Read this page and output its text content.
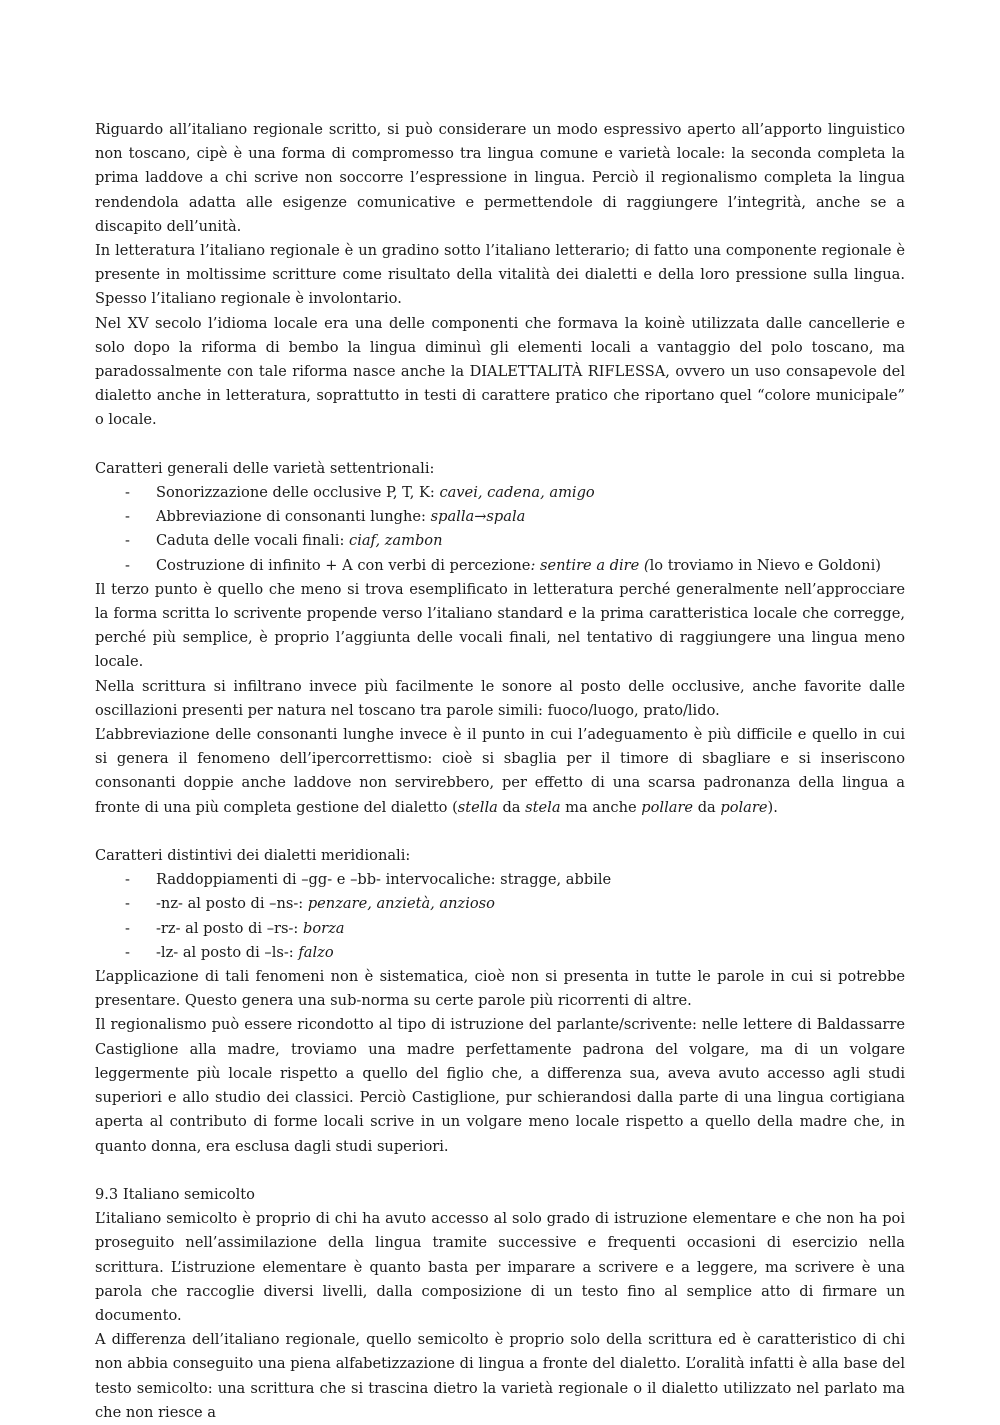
Riguardo all’italiano regionale scritto, si può considerare un modo espressivo aperto all’apporto linguistico non toscano, cipè è una forma di compromesso tra lingua comune e varietà locale: la seconda completa la prima laddove a chi scrive non soccorre l’espressione in lingua. Perciò il regionalismo completa la lingua rendendola adatta alle esigenze comunicative e permettendole di raggiungere l’integrità, anche se a discapito dell’unità.

In letteratura l’italiano regionale è un gradino sotto l’italiano letterario; di fatto una componente regionale è presente in moltissime scritture come risultato della vitalità dei dialetti e della loro pressione sulla lingua. Spesso l’italiano regionale è involontario.

Nel XV secolo l’idioma locale era una delle componenti che formava la koinè utilizzata dalle cancellerie e solo dopo la riforma di bembo la lingua diminuì gli elementi locali a vantaggio del polo toscano, ma paradossalmente con tale riforma nasce anche la DIALETTALITÀ RIFLESSA, ovvero un uso consapevole del dialetto anche in letteratura, soprattutto in testi di carattere pratico che riportano quel “colore municipale” o locale.

Caratteri generali delle varietà settentrionali:

- Sonorizzazione delle occlusive P, T, K: cavei, cadena, amigo
- Abbreviazione di consonanti lunghe: spalla→spala
- Caduta delle vocali finali: ciaf, zambon
- Costruzione di infinito + A con verbi di percezione: sentire a dire (lo troviamo in Nievo e Goldoni)

Il terzo punto è quello che meno si trova esemplificato in letteratura perché generalmente nell’approcciare la forma scritta lo scrivente propende verso l’italiano standard e la prima caratteristica locale che corregge, perché più semplice, è proprio l’aggiunta delle vocali finali, nel tentativo di raggiungere una lingua meno locale.

Nella scrittura si infiltrano invece più facilmente le sonore al posto delle occlusive, anche favorite dalle oscillazioni presenti per natura nel toscano tra parole simili: fuoco/luogo, prato/lido.

L’abbreviazione delle consonanti lunghe invece è il punto in cui l’adeguamento è più difficile e quello in cui si genera il fenomeno dell’ipercorrettismo: cioè si sbaglia per il timore di sbagliare e si inseriscono consonanti doppie anche laddove non servirebbero, per effetto di una scarsa padronanza della lingua a fronte di una più completa gestione del dialetto (stella da stela ma anche pollare da polare).

Caratteri distintivi dei dialetti meridionali:

- Raddoppiamenti di –gg- e –bb- intervocaliche: stragge, abbile
- -nz- al posto di –ns-: penzare, anzietà, anzioso
- -rz- al posto di –rs-: borza
- -lz- al posto di –ls-: falzo

L’applicazione di tali fenomeni non è sistematica, cioè non si presenta in tutte le parole in cui si potrebbe presentare. Questo genera una sub-norma su certe parole più ricorrenti di altre.

Il regionalismo può essere ricondotto al tipo di istruzione del parlante/scrivente: nelle lettere di Baldassarre Castiglione alla madre, troviamo una madre perfettamente padrona del volgare, ma di un volgare leggermente più locale rispetto a quello del figlio che, a differenza sua, aveva avuto accesso agli studi superiori e allo studio dei classici. Perciò Castiglione, pur schierandosi dalla parte di una lingua cortigiana aperta al contributo di forme locali scrive in un volgare meno locale rispetto a quello della madre che, in quanto donna, era esclusa dagli studi superiori.

9.3 Italiano semicolto

L’italiano semicolto è proprio di chi ha avuto accesso al solo grado di istruzione elementare e che non ha poi proseguito nell’assimilazione della lingua tramite successive e frequenti occasioni di esercizio nella scrittura. L’istruzione elementare è quanto basta per imparare a scrivere e a leggere, ma scrivere è una parola che raccoglie diversi livelli, dalla composizione di un testo fino al semplice atto di firmare un documento.

A differenza dell’italiano regionale, quello semicolto è proprio solo della scrittura ed è caratteristico di chi non abbia conseguito una piena alfabetizzazione di lingua a fronte del dialetto. L’oralità infatti è alla base del testo semicolto: una scrittura che si trascina dietro la varietà regionale o il dialetto utilizzato nel parlato ma che non riesce a
